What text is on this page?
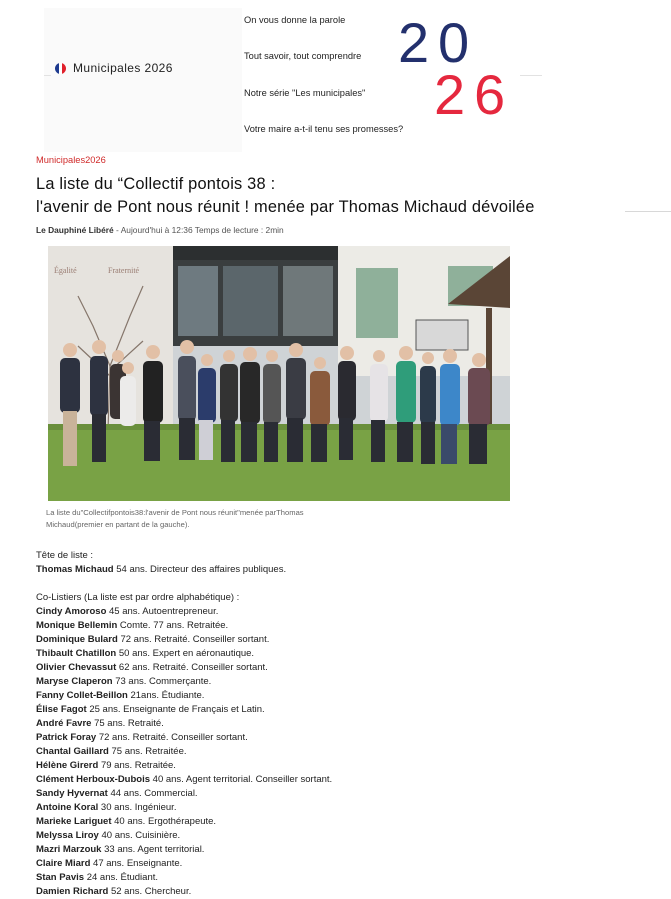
Municipales 2026
On vous donne la parole
Tout savoir, tout comprendre
Notre série "Les municipales"
Votre maire a-t-il tenu ses promesses?
2 0
2 6
Municipales2026
La liste du “Collectif pontois 38 :
l'avenir de Pont nous réunit ! menée par Thomas Michaud dévoilée
Le Dauphiné Libéré - Aujourd'hui à 12:36 Temps de lecture : 2min
Égalité	Fraternité
La liste du"Collectifpontois38:l'avenir de Pont nous réunit"menée parThomas
Michaud(premier en partant de la gauche).

Tête de liste :

Thomas Michaud 54 ans. Directeur des affaires publiques.

Co-Listiers (La liste est par ordre alphabétique) :

Cindy Amoroso 45 ans. Autoentrepreneur.

Monique Bellemin Comte. 77 ans. Retraitée.

Dominique Bulard 72 ans. Retraité. Conseiller sortant.

Thibault Chatillon 50 ans. Expert en aéronautique.

Olivier Chevassut 62 ans. Retraité. Conseiller sortant.

Maryse Claperon 73 ans. Commerçante.

Fanny Collet-Beillon 21ans. Étudiante.

Élise Fagot 25 ans. Enseignante de Français et Latin.

André Favre 75 ans. Retraité.

Patrick Foray 72 ans. Retraité. Conseiller sortant.

Chantal Gaillard 75 ans. Retraitée.

Hélène Girerd 79 ans. Retraitée.

Clément Herboux-Dubois 40 ans. Agent territorial. Conseiller sortant.

Sandy Hyvernat 44 ans. Commercial.

Antoine Koral 30 ans. Ingénieur.

Marieke Lariguet 40 ans. Ergothérapeute.

Melyssa Liroy 40 ans. Cuisinière.

Mazri Marzouk 33 ans. Agent territorial.

Claire Miard 47 ans. Enseignante.

Stan Pavis 24 ans. Étudiant.

Damien Richard 52 ans. Chercheur.
